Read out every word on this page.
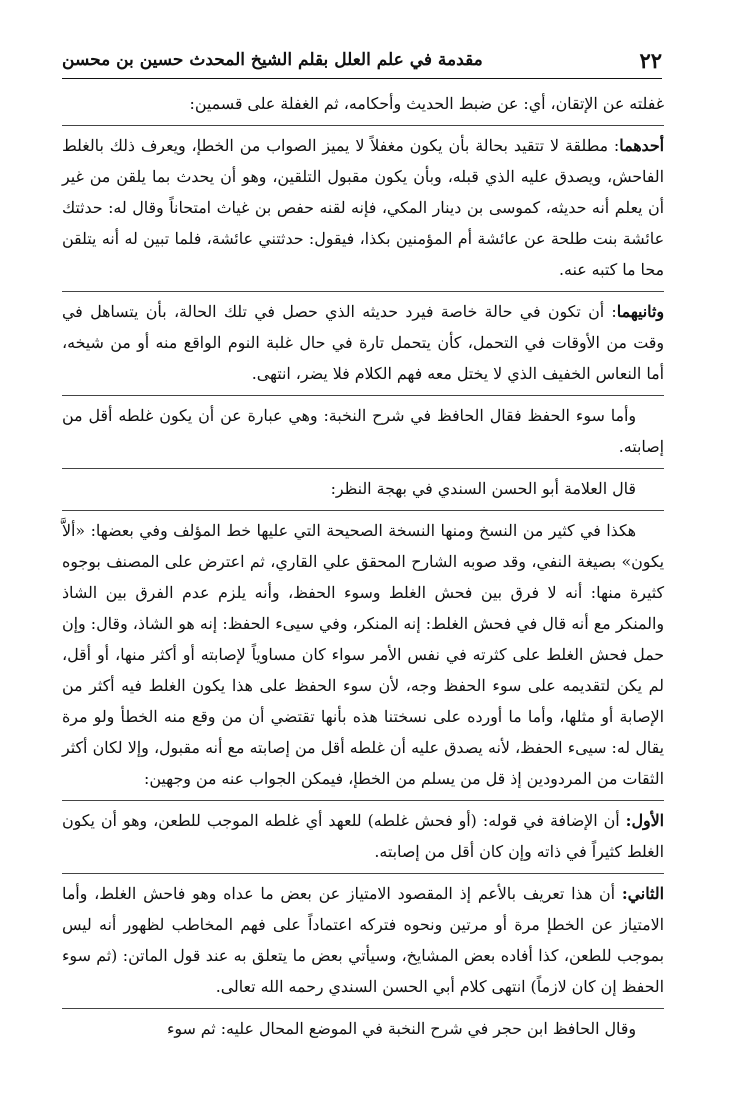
٢٢
مقدمة في علم العلل بقلم الشيخ المحدث حسين بن محسن

غفلته عن الإتقان، أي: عن ضبط الحديث وأحكامه، ثم الغفلة على قسمين:

أحدهما: مطلقة لا تتقيد بحالة بأن يكون مغفلاً لا يميز الصواب من الخطإ، ويعرف ذلك بالغلط الفاحش، ويصدق عليه الذي قبله، وبأن يكون مقبول التلقين، وهو أن يحدث بما يلقن من غير أن يعلم أنه حديثه، كموسى بن دينار المكي، فإنه لقنه حفص بن غياث امتحاناً وقال له: حدثتك عائشة بنت طلحة عن عائشة أم المؤمنين بكذا، فيقول: حدثتني عائشة، فلما تبين له أنه يتلقن محا ما كتبه عنه.

وثانيهما: أن تكون في حالة خاصة فيرد حديثه الذي حصل في تلك الحالة، بأن يتساهل في وقت من الأوقات في التحمل، كأن يتحمل تارة في حال غلبة النوم الواقع منه أو من شيخه، أما النعاس الخفيف الذي لا يختل معه فهم الكلام فلا يضر، انتهى.

وأما سوء الحفظ فقال الحافظ في شرح النخبة: وهي عبارة عن أن يكون غلطه أقل من إصابته.

قال العلامة أبو الحسن السندي في بهجة النظر:

هكذا في كثير من النسخ ومنها النسخة الصحيحة التي عليها خط المؤلف وفي بعضها: «ألاَّ يكون» بصيغة النفي، وقد صوبه الشارح المحقق علي القاري، ثم اعترض على المصنف بوجوه كثيرة منها: أنه لا فرق بين فحش الغلط وسوء الحفظ، وأنه يلزم عدم الفرق بين الشاذ والمنكر مع أنه قال في فحش الغلط: إنه المنكر، وفي سيىء الحفظ: إنه هو الشاذ، وقال: وإن حمل فحش الغلط على كثرته في نفس الأمر سواء كان مساوياً لإصابته أو أكثر منها، أو أقل، لم يكن لتقديمه على سوء الحفظ وجه، لأن سوء الحفظ على هذا يكون الغلط فيه أكثر من الإصابة أو مثلها، وأما ما أورده على نسختنا هذه بأنها تقتضي أن من وقع منه الخطأ ولو مرة يقال له: سيىء الحفظ، لأنه يصدق عليه أن غلطه أقل من إصابته مع أنه مقبول، وإلا لكان أكثر الثقات من المردودين إذ قل من يسلم من الخطإ، فيمكن الجواب عنه من وجهين:

الأول: أن الإضافة في قوله: (أو فحش غلطه) للعهد أي غلطه الموجب للطعن، وهو أن يكون الغلط كثيراً في ذاته وإن كان أقل من إصابته.

الثاني: أن هذا تعريف بالأعم إذ المقصود الامتياز عن بعض ما عداه وهو فاحش الغلط، وأما الامتياز عن الخطإ مرة أو مرتين ونحوه فتركه اعتماداً على فهم المخاطب لظهور أنه ليس بموجب للطعن، كذا أفاده بعض المشايخ، وسيأتي بعض ما يتعلق به عند قول الماتن: (ثم سوء الحفظ إن كان لازماً) انتهى كلام أبي الحسن السندي رحمه الله تعالى.

وقال الحافظ ابن حجر في شرح النخبة في الموضع المحال عليه: ثم سوء
